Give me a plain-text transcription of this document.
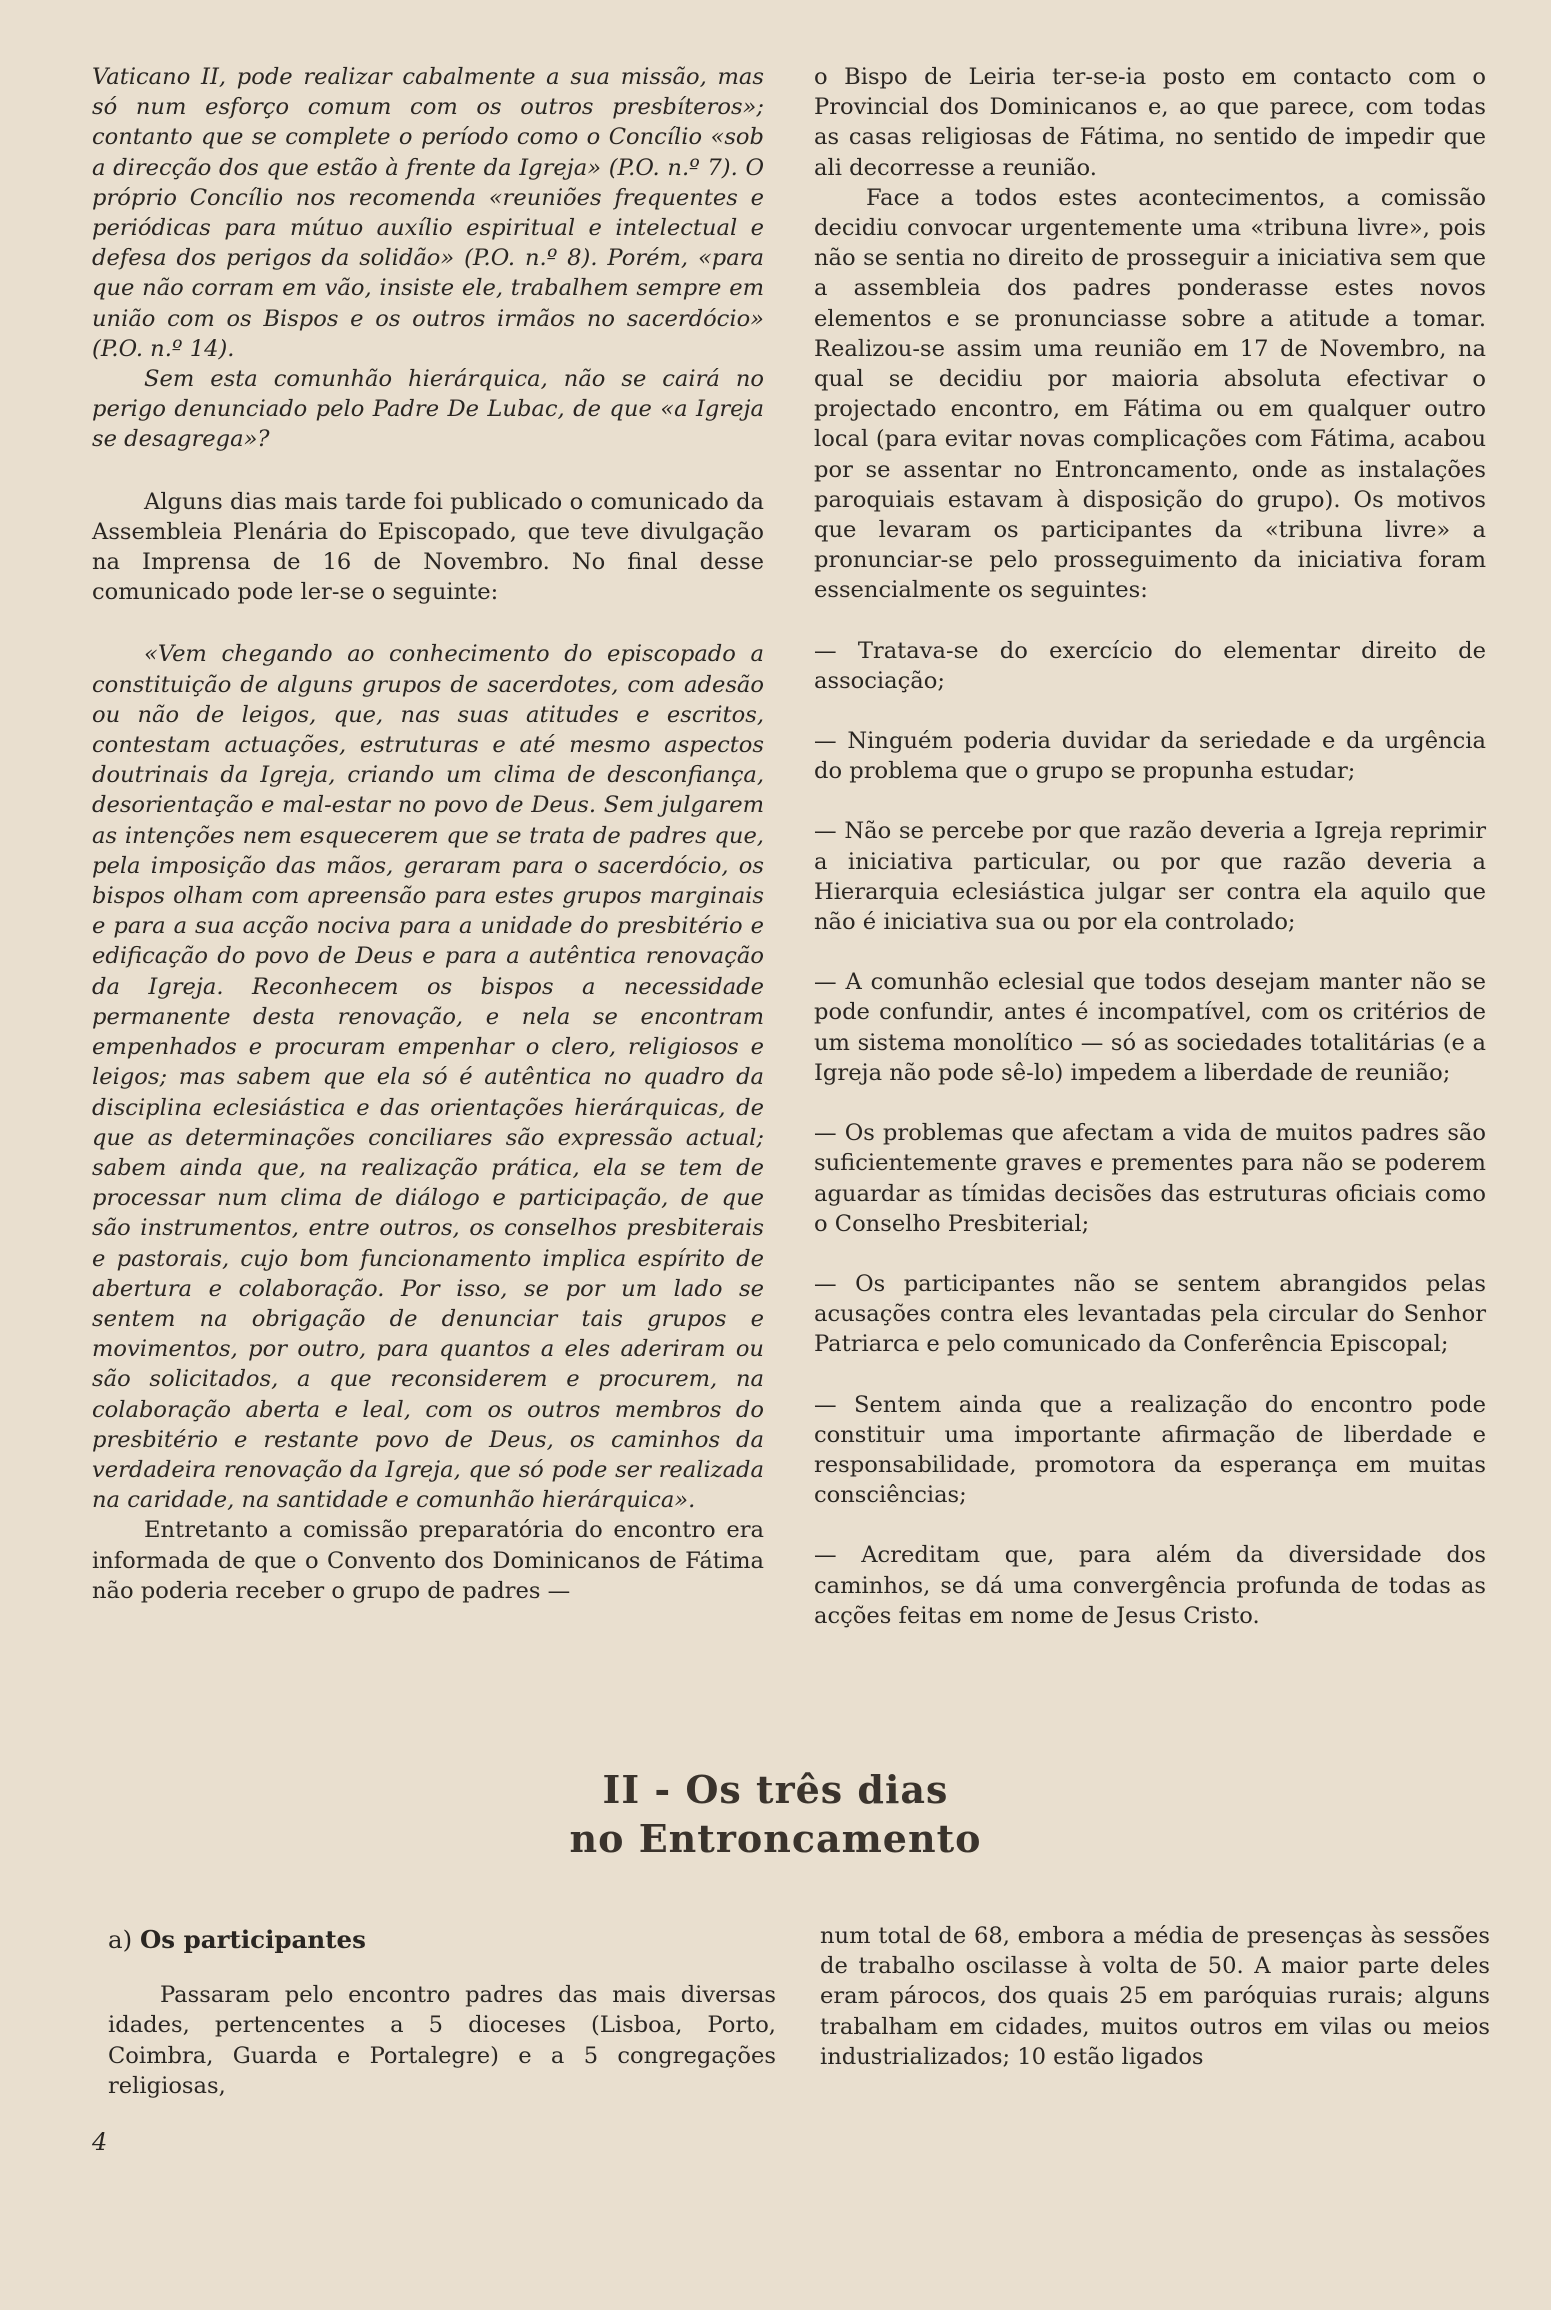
Vaticano II, pode realizar cabalmente a sua missão, mas só num esforço comum com os outros presbíteros»; contanto que se complete o período como o Concílio «sob a direcção dos que estão à frente da Igreja» (P.O. n.º 7). O próprio Concílio nos recomenda «reuniões frequentes e periódicas para mútuo auxílio espiritual e intelectual e defesa dos perigos da solidão» (P.O. n.º 8). Porém, «para que não corram em vão, insiste ele, trabalhem sempre em união com os Bispos e os outros irmãos no sacerdócio» (P.O. n.º 14).

Sem esta comunhão hierárquica, não se cairá no perigo denunciado pelo Padre De Lubac, de que «a Igreja se desagrega»?

Alguns dias mais tarde foi publicado o comunicado da Assembleia Plenária do Episcopado, que teve divulgação na Imprensa de 16 de Novembro. No final desse comunicado pode ler-se o seguinte:

«Vem chegando ao conhecimento do episcopado a constituição de alguns grupos de sacerdotes, com adesão ou não de leigos, que, nas suas atitudes e escritos, contestam actuações, estruturas e até mesmo aspectos doutrinais da Igreja, criando um clima de desconfiança, desorientação e mal-estar no povo de Deus. Sem julgarem as intenções nem esquecerem que se trata de padres que, pela imposição das mãos, geraram para o sacerdócio, os bispos olham com apreensão para estes grupos marginais e para a sua acção nociva para a unidade do presbitério e edificação do povo de Deus e para a autêntica renovação da Igreja. Reconhecem os bispos a necessidade permanente desta renovação, e nela se encontram empenhados e procuram empenhar o clero, religiosos e leigos; mas sabem que ela só é autêntica no quadro da disciplina eclesiástica e das orientações hierárquicas, de que as determinações conciliares são expressão actual; sabem ainda que, na realização prática, ela se tem de processar num clima de diálogo e participação, de que são instrumentos, entre outros, os conselhos presbiterais e pastorais, cujo bom funcionamento implica espírito de abertura e colaboração. Por isso, se por um lado se sentem na obrigação de denunciar tais grupos e movimentos, por outro, para quantos a eles aderiram ou são solicitados, a que reconsiderem e procurem, na colaboração aberta e leal, com os outros membros do presbitério e restante povo de Deus, os caminhos da verdadeira renovação da Igreja, que só pode ser realizada na caridade, na santidade e comunhão hierárquica».

Entretanto a comissão preparatória do encontro era informada de que o Convento dos Dominicanos de Fátima não poderia receber o grupo de padres —

o Bispo de Leiria ter-se-ia posto em contacto com o Provincial dos Dominicanos e, ao que parece, com todas as casas religiosas de Fátima, no sentido de impedir que ali decorresse a reunião.

Face a todos estes acontecimentos, a comissão decidiu convocar urgentemente uma «tribuna livre», pois não se sentia no direito de prosseguir a iniciativa sem que a assembleia dos padres ponderasse estes novos elementos e se pronunciasse sobre a atitude a tomar. Realizou-se assim uma reunião em 17 de Novembro, na qual se decidiu por maioria absoluta efectivar o projectado encontro, em Fátima ou em qualquer outro local (para evitar novas complicações com Fátima, acabou por se assentar no Entroncamento, onde as instalações paroquiais estavam à disposição do grupo). Os motivos que levaram os participantes da «tribuna livre» a pronunciar-se pelo prosseguimento da iniciativa foram essencialmente os seguintes:

— Tratava-se do exercício do elementar direito de associação;

— Ninguém poderia duvidar da seriedade e da urgência do problema que o grupo se propunha estudar;

— Não se percebe por que razão deveria a Igreja reprimir a iniciativa particular, ou por que razão deveria a Hierarquia eclesiástica julgar ser contra ela aquilo que não é iniciativa sua ou por ela controlado;

— A comunhão eclesial que todos desejam manter não se pode confundir, antes é incompatível, com os critérios de um sistema monolítico — só as sociedades totalitárias (e a Igreja não pode sê-lo) impedem a liberdade de reunião;

— Os problemas que afectam a vida de muitos padres são suficientemente graves e prementes para não se poderem aguardar as tímidas decisões das estruturas oficiais como o Conselho Presbiterial;

— Os participantes não se sentem abrangidos pelas acusações contra eles levantadas pela circular do Senhor Patriarca e pelo comunicado da Conferência Episcopal;

— Sentem ainda que a realização do encontro pode constituir uma importante afirmação de liberdade e responsabilidade, promotora da esperança em muitas consciências;

— Acreditam que, para além da diversidade dos caminhos, se dá uma convergência profunda de todas as acções feitas em nome de Jesus Cristo.

II - Os três dias
no Entroncamento

a) Os participantes

Passaram pelo encontro padres das mais diversas idades, pertencentes a 5 dioceses (Lisboa, Porto, Coimbra, Guarda e Portalegre) e a 5 congregações religiosas,

num total de 68, embora a média de presenças às sessões de trabalho oscilasse à volta de 50. A maior parte deles eram párocos, dos quais 25 em paróquias rurais; alguns trabalham em cidades, muitos outros em vilas ou meios industrializados; 10 estão ligados

4
